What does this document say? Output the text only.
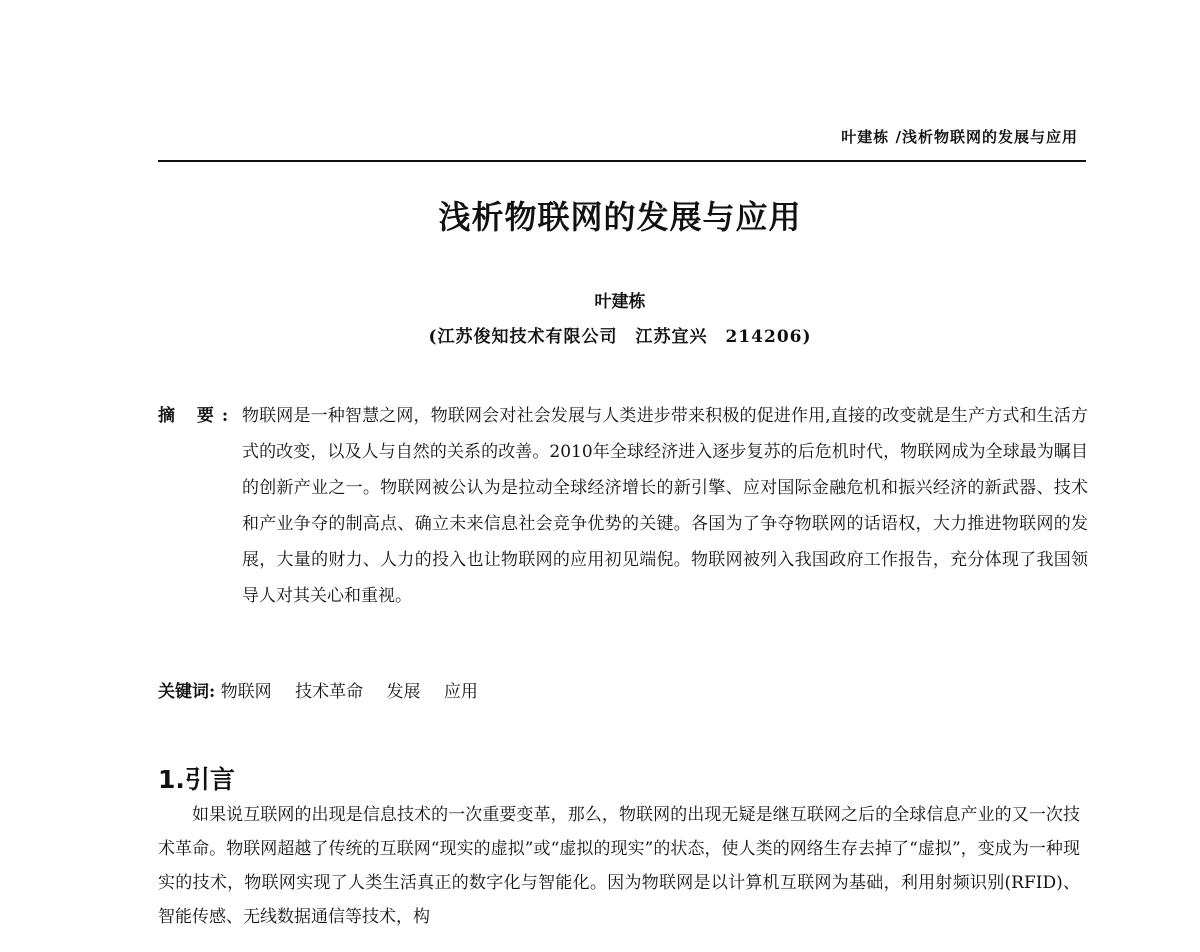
叶建栋 /浅析物联网的发展与应用
浅析物联网的发展与应用
叶建栋
(江苏俊知技术有限公司　江苏宜兴　214206)
摘 要: 物联网是一种智慧之网，物联网会对社会发展与人类进步带来积极的促进作用,直接的改变就是生产方式和生活方式的改变，以及人与自然的关系的改善。2010年全球经济进入逐步复苏的后危机时代，物联网成为全球最为瞩目的创新产业之一。物联网被公认为是拉动全球经济增长的新引擎、应对国际金融危机和振兴经济的新武器、技术和产业争夺的制高点、确立未来信息社会竞争优势的关键。各国为了争夺物联网的话语权，大力推进物联网的发展，大量的财力、人力的投入也让物联网的应用初见端倪。物联网被列入我国政府工作报告，充分体现了我国领导人对其关心和重视。
关键词: 物联网 技术革命 发展 应用
1.引言
如果说互联网的出现是信息技术的一次重要变革，那么，物联网的出现无疑是继互联网之后的全球信息产业的又一次技术革命。物联网超越了传统的互联网“现实的虚拟”或“虚拟的现实”的状态，使人类的网络生存去掉了“虚拟”，变成为一种现实的技术，物联网实现了人类生活真正的数字化与智能化。因为物联网是以计算机互联网为基础，利用射频识别(RFID)、智能传感、无线数据通信等技术，构
